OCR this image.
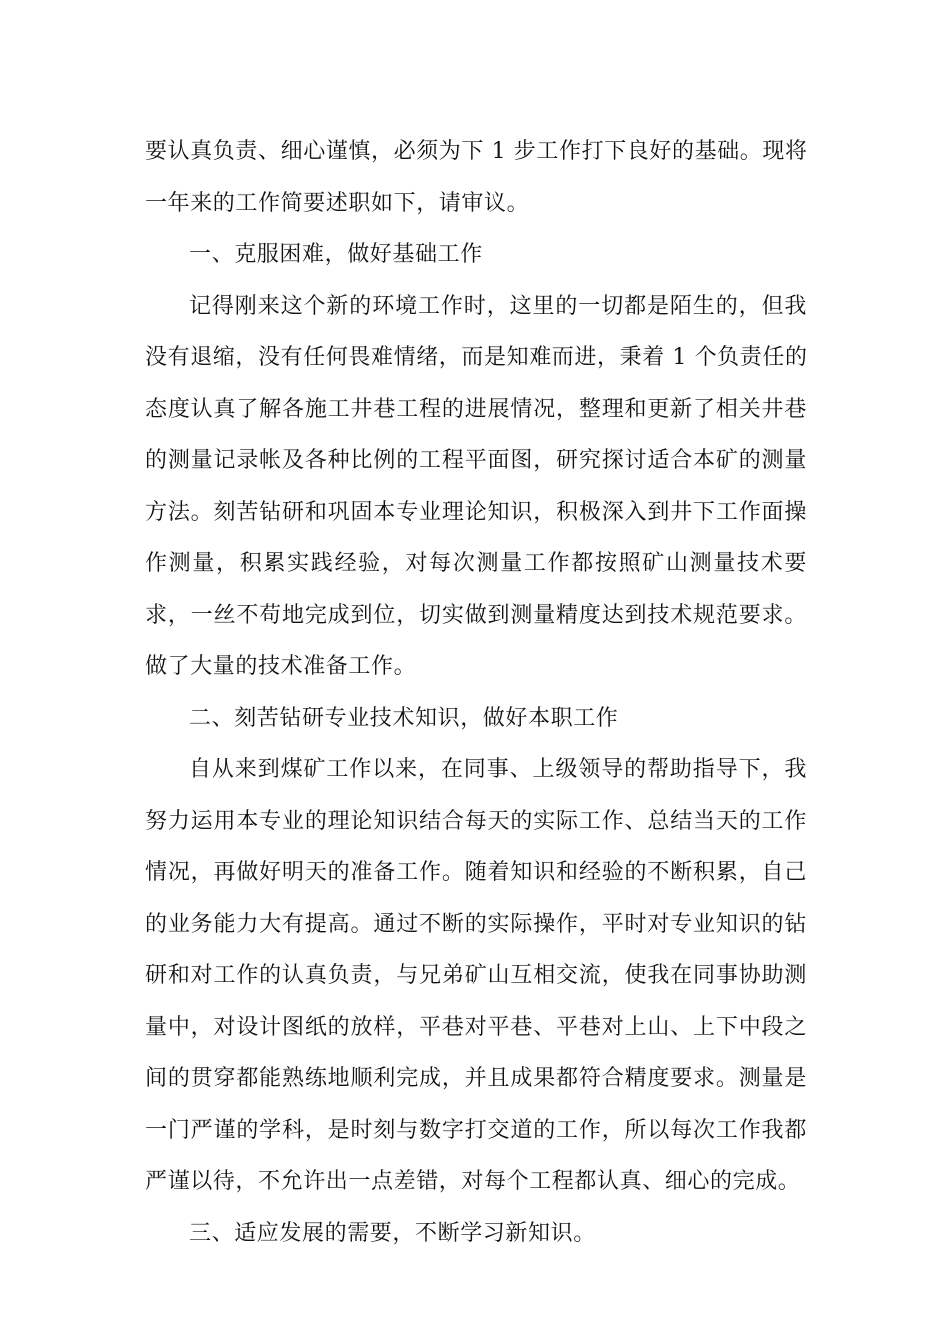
要认真负责、细心谨慎，必须为下 1 步工作打下良好的基础。现将
一年来的工作简要述职如下，请审议。
一、克服困难，做好基础工作
记得刚来这个新的环境工作时，这里的一切都是陌生的，但我
没有退缩，没有任何畏难情绪，而是知难而进，秉着 1 个负责任的
态度认真了解各施工井巷工程的进展情况，整理和更新了相关井巷
的测量记录帐及各种比例的工程平面图，研究探讨适合本矿的测量
方法。刻苦钻研和巩固本专业理论知识，积极深入到井下工作面操
作测量，积累实践经验，对每次测量工作都按照矿山测量技术要
求，一丝不苟地完成到位，切实做到测量精度达到技术规范要求。
做了大量的技术准备工作。
二、刻苦钻研专业技术知识，做好本职工作
自从来到煤矿工作以来，在同事、上级领导的帮助指导下，我
努力运用本专业的理论知识结合每天的实际工作、总结当天的工作
情况，再做好明天的准备工作。随着知识和经验的不断积累，自己
的业务能力大有提高。通过不断的实际操作，平时对专业知识的钻
研和对工作的认真负责，与兄弟矿山互相交流，使我在同事协助测
量中，对设计图纸的放样，平巷对平巷、平巷对上山、上下中段之
间的贯穿都能熟练地顺利完成，并且成果都符合精度要求。测量是
一门严谨的学科，是时刻与数字打交道的工作，所以每次工作我都
严谨以待，不允许出一点差错，对每个工程都认真、细心的完成。
三、适应发展的需要，不断学习新知识。
